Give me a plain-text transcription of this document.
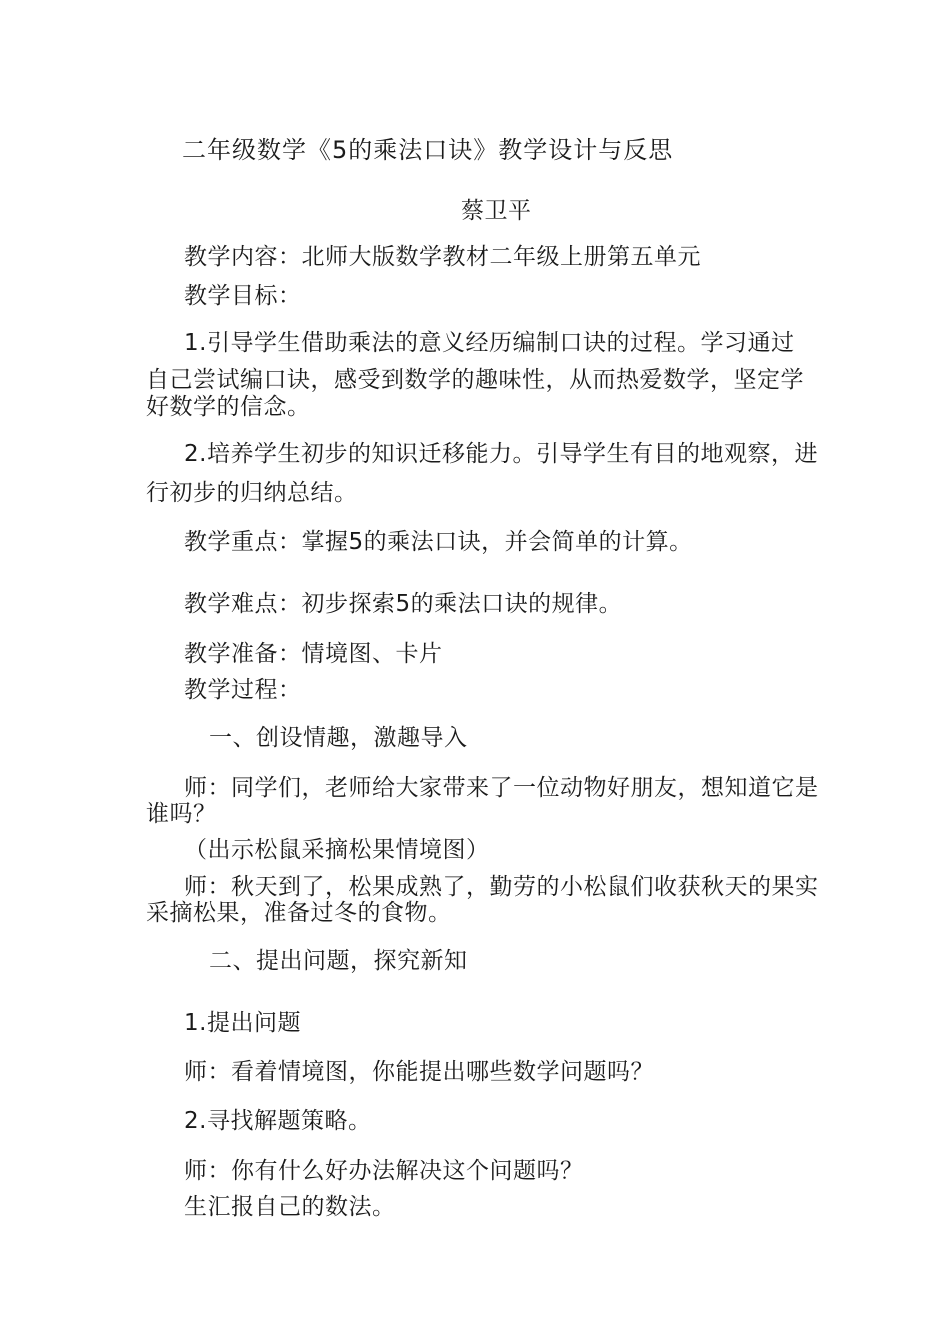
二年级数学《5的乘法口诀》教学设计与反思
蔡卫平
教学内容：北师大版数学教材二年级上册第五单元
教学目标：
1.引导学生借助乘法的意义经历编制口诀的过程。学习通过
自己尝试编口诀，感受到数学的趣味性，从而热爱数学，坚定学
好数学的信念。
2.培养学生初步的知识迁移能力。引导学生有目的地观察，进
行初步的归纳总结。
教学重点：掌握5的乘法口诀，并会简单的计算。
教学难点：初步探索5的乘法口诀的规律。
教学准备：情境图、卡片
教学过程：
一、创设情趣，激趣导入
师：同学们，老师给大家带来了一位动物好朋友，想知道它是
谁吗？
（出示松鼠采摘松果情境图）
师：秋天到了，松果成熟了，勤劳的小松鼠们收获秋天的果实
采摘松果，准备过冬的食物。
二、提出问题，探究新知
1.提出问题
师：看着情境图，你能提出哪些数学问题吗？
2.寻找解题策略。
师：你有什么好办法解决这个问题吗？
生汇报自己的数法。
